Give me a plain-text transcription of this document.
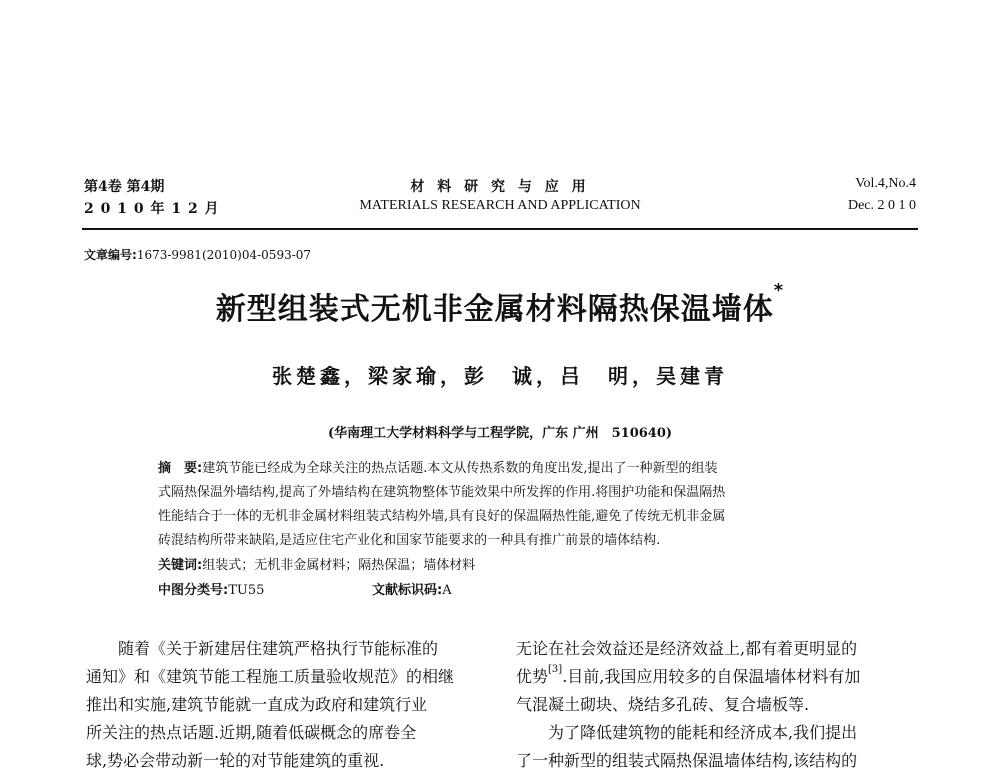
第4卷 第4期
2 0 1 0 年 1 2 月
材 料 研 究 与 应 用
MATERIALS RESEARCH AND APPLICATION
Vol.4,No.4
Dec. 2 0 1 0
文章编号:1673-9981(2010)04-0593-07
新型组装式无机非金属材料隔热保温墙体*
张楚鑫，梁家瑜，彭　诚，吕　明，吴建青
(华南理工大学材料科学与工程学院，广东 广州　510640)
摘　要:建筑节能已经成为全球关注的热点话题.本文从传热系数的角度出发,提出了一种新型的组装
式隔热保温外墙结构,提高了外墙结构在建筑物整体节能效果中所发挥的作用.将围护功能和保温隔热
性能结合于一体的无机非金属材料组装式结构外墙,具有良好的保温隔热性能,避免了传统无机非金属
砖混结构所带来缺陷,是适应住宅产业化和国家节能要求的一种具有推广前景的墙体结构.
关键词:组装式；无机非金属材料；隔热保温；墙体材料
中图分类号:TU55	文献标识码:A
　　随着《关于新建居住建筑严格执行节能标准的
通知》和《建筑节能工程施工质量验收规范》的相继
推出和实施,建筑节能就一直成为政府和建筑行业
所关注的热点话题.近期,随着低碳概念的席卷全
球,势必会带动新一轮的对节能建筑的重视.
无论在社会效益还是经济效益上,都有着更明显的
优势[3].目前,我国应用较多的自保温墙体材料有加
气混凝土砌块、烧结多孔砖、复合墙板等.
　　为了降低建筑物的能耗和经济成本,我们提出
了一种新型的组装式隔热保温墙体结构,该结构的
